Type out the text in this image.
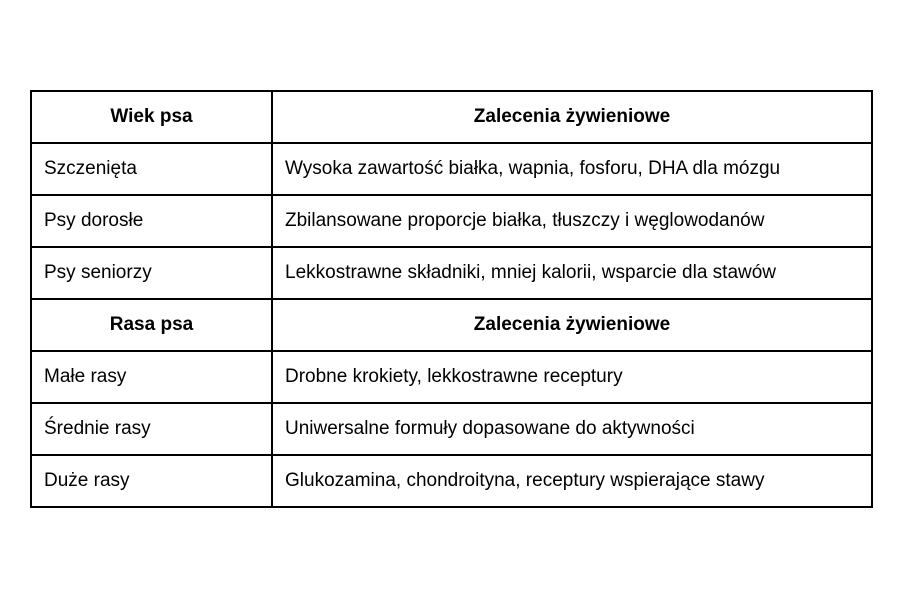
Wiek psa	Zalecenia żywieniowe
Szczenięta	Wysoka zawartość białka, wapnia, fosforu, DHA dla mózgu
Psy dorosłe	Zbilansowane proporcje białka, tłuszczy i węglowodanów
Psy seniorzy	Lekkostrawne składniki, mniej kalorii, wsparcie dla stawów
Rasa psa	Zalecenia żywieniowe
Małe rasy	Drobne krokiety, lekkostrawne receptury
Średnie rasy	Uniwersalne formuły dopasowane do aktywności
Duże rasy	Glukozamina, chondroityna, receptury wspierające stawy
